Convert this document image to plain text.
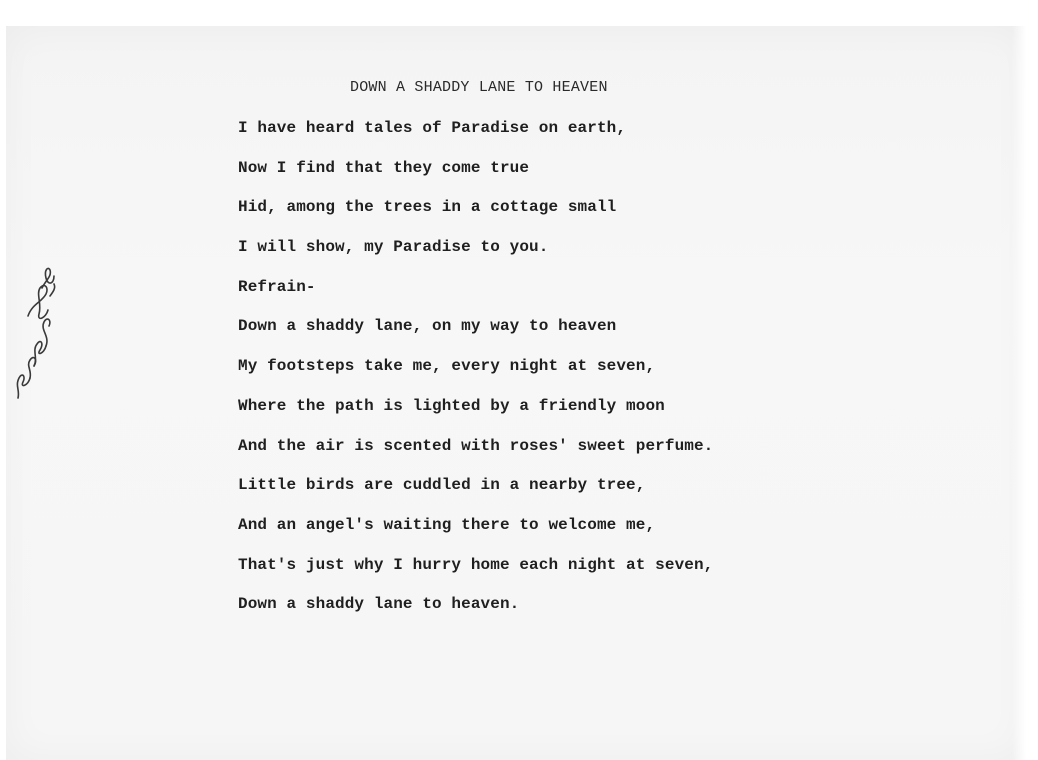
DOWN A SHADDY LANE TO HEAVEN
I have heard tales of Paradise on earth,
Now I find that they come true
Hid, among the trees in a cottage small
I will show, my Paradise to you.
Refrain-
Down a shaddy lane, on my way to heaven
My footsteps take me, every night at seven,
Where the path is lighted by a friendly moon
And the air is scented with roses' sweet perfume.
Little birds are cuddled in a nearby tree,
And an angel's waiting there to welcome me,
That's just why I hurry home each night at seven,
Down a shaddy lane to heaven.
